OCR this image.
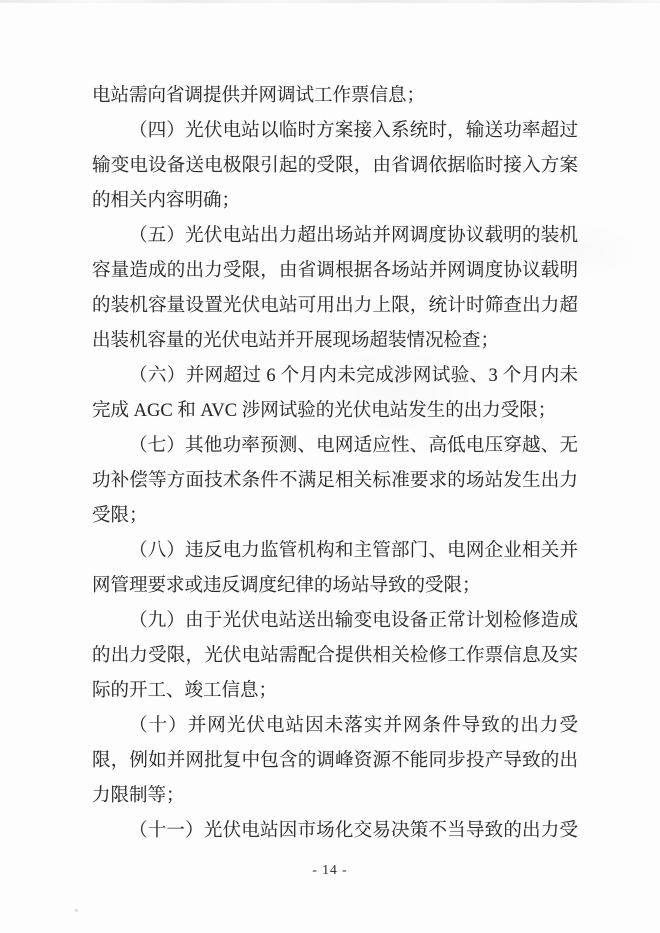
电站需向省调提供并网调试工作票信息；

（四）光伏电站以临时方案接入系统时，输送功率超过输变电设备送电极限引起的受限，由省调依据临时接入方案的相关内容明确；

（五）光伏电站出力超出场站并网调度协议载明的装机容量造成的出力受限，由省调根据各场站并网调度协议载明的装机容量设置光伏电站可用出力上限，统计时筛查出力超出装机容量的光伏电站并开展现场超装情况检查；

（六）并网超过 6 个月内未完成涉网试验、3 个月内未完成 AGC 和 AVC 涉网试验的光伏电站发生的出力受限；

（七）其他功率预测、电网适应性、高低电压穿越、无功补偿等方面技术条件不满足相关标准要求的场站发生出力受限；

（八）违反电力监管机构和主管部门、电网企业相关并网管理要求或违反调度纪律的场站导致的受限；

（九）由于光伏电站送出输变电设备正常计划检修造成的出力受限，光伏电站需配合提供相关检修工作票信息及实际的开工、竣工信息；

（十）并网光伏电站因未落实并网条件导致的出力受限，例如并网批复中包含的调峰资源不能同步投产导致的出力限制等；

（十一）光伏电站因市场化交易决策不当导致的出力受

- 14 -
